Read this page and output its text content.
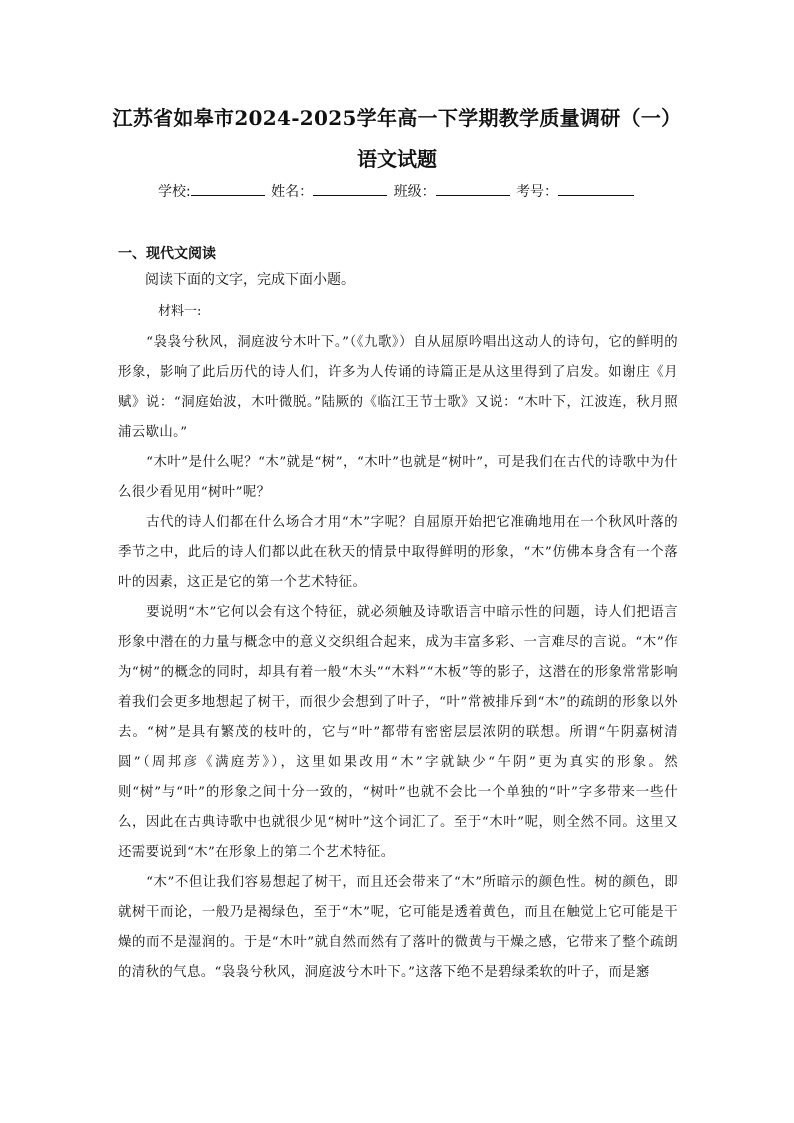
江苏省如皋市2024-2025学年高一下学期教学质量调研（一）
语文试题
学校:	姓名：	班级：	考号：
一、现代文阅读
阅读下面的文字，完成下面小题。
材料一:

“袅袅兮秋风，洞庭波兮木叶下。”（《九歌》）自从屈原吟唱出这动人的诗句，它的鲜明的形象，影响了此后历代的诗人们，许多为人传诵的诗篇正是从这里得到了启发。如谢庄《月赋》说：“洞庭始波，木叶微脱。”陆厥的《临江王节士歌》又说：“木叶下，江波连，秋月照浦云歇山。”

“木叶”是什么呢？“木”就是“树”，“木叶”也就是“树叶”，可是我们在古代的诗歌中为什么很少看见用“树叶”呢？

古代的诗人们都在什么场合才用“木”字呢？自屈原开始把它准确地用在一个秋风叶落的季节之中，此后的诗人们都以此在秋天的情景中取得鲜明的形象，“木”仿佛本身含有一个落叶的因素，这正是它的第一个艺术特征。

要说明“木”它何以会有这个特征，就必须触及诗歌语言中暗示性的问题，诗人们把语言形象中潜在的力量与概念中的意义交织组合起来，成为丰富多彩、一言难尽的言说。“木”作为“树”的概念的同时，却具有着一般“木头”“木料”“木板”等的影子，这潜在的形象常常影响着我们会更多地想起了树干，而很少会想到了叶子，“叶”常被排斥到“木”的疏朗的形象以外去。“树”是具有繁茂的枝叶的，它与“叶”都带有密密层层浓阴的联想。所谓“午阴嘉树清圆”（周邦彦《满庭芳》），这里如果改用“木”字就缺少“午阴”更为真实的形象。然则“树”与“叶”的形象之间十分一致的，“树叶”也就不会比一个单独的“叶”字多带来一些什么，因此在古典诗歌中也就很少见“树叶”这个词汇了。至于“木叶”呢，则全然不同。这里又还需要说到“木”在形象上的第二个艺术特征。

“木”不但让我们容易想起了树干，而且还会带来了“木”所暗示的颜色性。树的颜色，即就树干而论，一般乃是褐绿色，至于“木”呢，它可能是透着黄色，而且在触觉上它可能是干燥的而不是湿润的。于是“木叶”就自然而然有了落叶的微黄与干燥之感，它带来了整个疏朗的清秋的气息。“袅袅兮秋风，洞庭波兮木叶下。”这落下绝不是碧绿柔软的叶子，而是窸
